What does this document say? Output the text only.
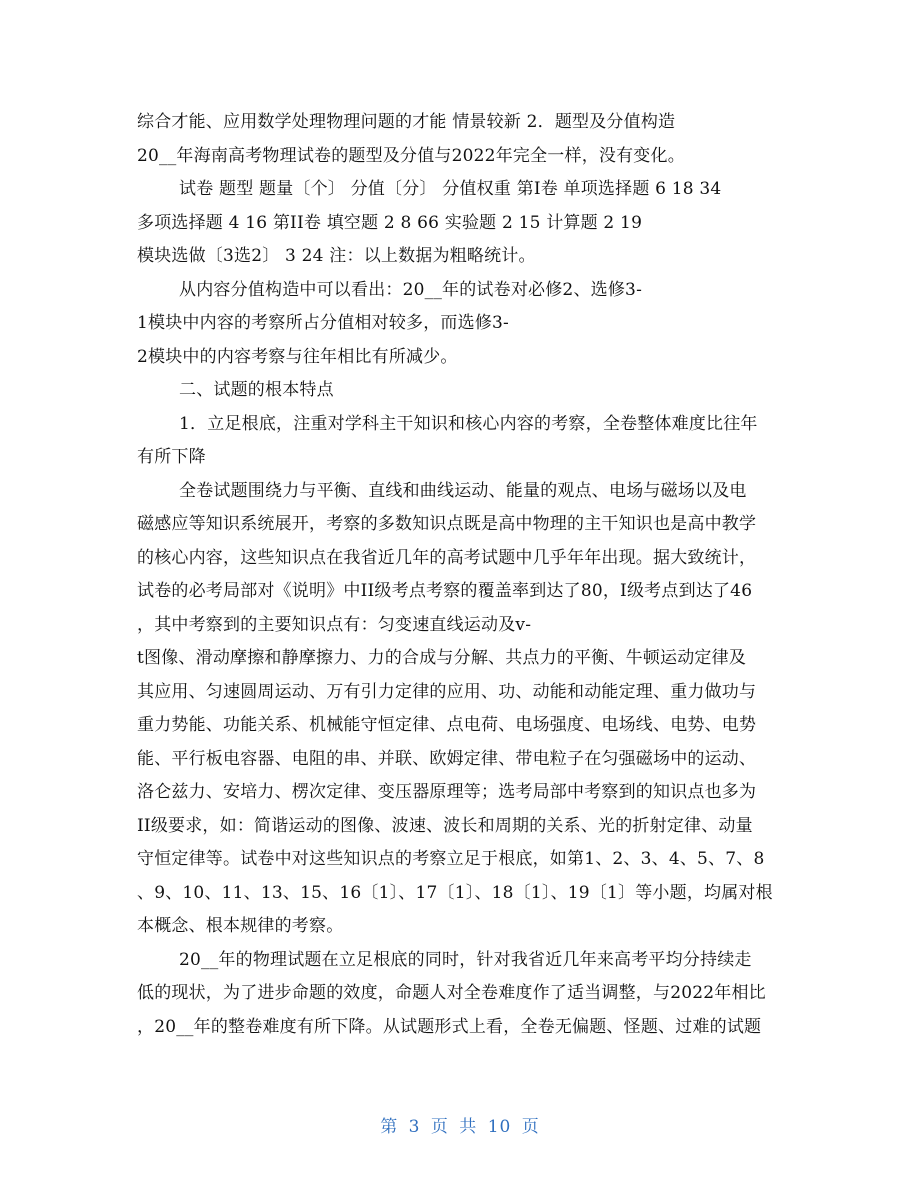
综合才能、应用数学处理物理问题的才能 情景较新 2．题型及分值构造
20__年海南高考物理试卷的题型及分值与2022年完全一样，没有变化。
试卷 题型 题量〔个〕 分值〔分〕 分值权重 第I卷 单项选择题 6 18 34
多项选择题 4 16 第II卷 填空题 2 8 66 实验题 2 15 计算题 2 19
模块选做〔3选2〕 3 24 注：以上数据为粗略统计。
从内容分值构造中可以看出：20__年的试卷对必修2、选修3-
1模块中内容的考察所占分值相对较多，而选修3-
2模块中的内容考察与往年相比有所减少。
二、试题的根本特点
1．立足根底，注重对学科主干知识和核心内容的考察，全卷整体难度比往年
有所下降
全卷试题围绕力与平衡、直线和曲线运动、能量的观点、电场与磁场以及电
磁感应等知识系统展开，考察的多数知识点既是高中物理的主干知识也是高中教学
的核心内容，这些知识点在我省近几年的高考试题中几乎年年出现。据大致统计，
试卷的必考局部对《说明》中II级考点考察的覆盖率到达了80，I级考点到达了46
，其中考察到的主要知识点有：匀变速直线运动及v-
t图像、滑动摩擦和静摩擦力、力的合成与分解、共点力的平衡、牛顿运动定律及
其应用、匀速圆周运动、万有引力定律的应用、功、动能和动能定理、重力做功与
重力势能、功能关系、机械能守恒定律、点电荷、电场强度、电场线、电势、电势
能、平行板电容器、电阻的串、并联、欧姆定律、带电粒子在匀强磁场中的运动、
洛仑兹力、安培力、楞次定律、变压器原理等；选考局部中考察到的知识点也多为
II级要求，如：简谐运动的图像、波速、波长和周期的关系、光的折射定律、动量
守恒定律等。试卷中对这些知识点的考察立足于根底，如第1、2、3、4、5、7、8
、9、10、11、13、15、16〔1〕、17〔1〕、18〔1〕、19〔1〕等小题，均属对根
本概念、根本规律的考察。
20__年的物理试题在立足根底的同时，针对我省近几年来高考平均分持续走
低的现状，为了进步命题的效度，命题人对全卷难度作了适当调整，与2022年相比
，20__年的整卷难度有所下降。从试题形式上看，全卷无偏题、怪题、过难的试题
第 3 页 共 10 页
